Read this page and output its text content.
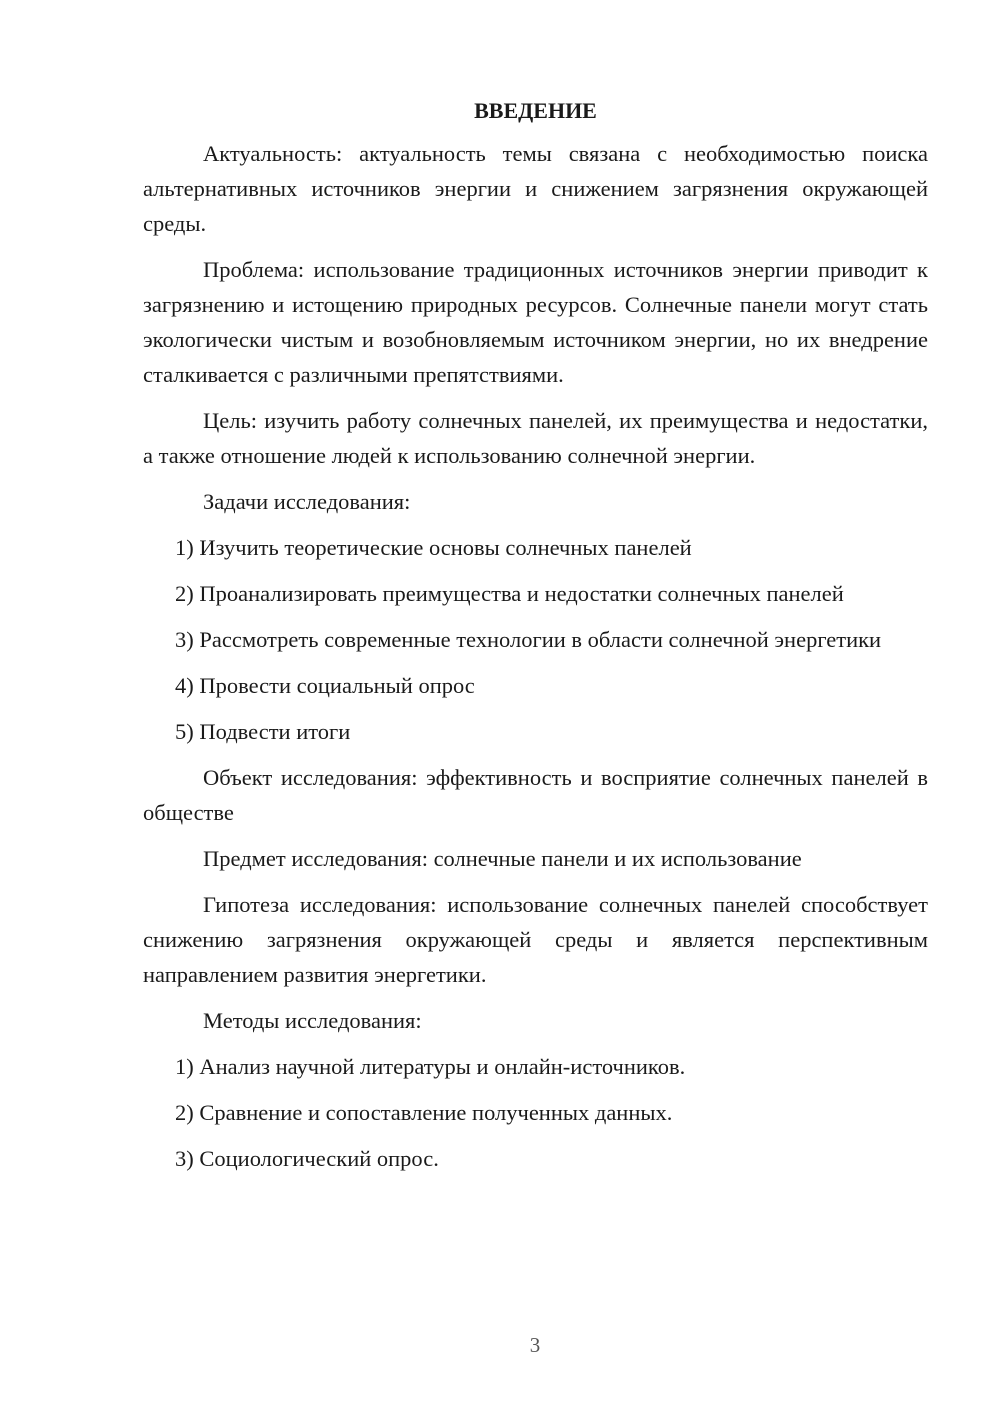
ВВЕДЕНИЕ

Актуальность: актуальность темы связана с необходимостью поиска альтернативных источников энергии и снижением загрязнения окружающей среды.

Проблема: использование традиционных источников энергии приводит к загрязнению и истощению природных ресурсов. Солнечные панели могут стать экологически чистым и возобновляемым источником энергии, но их внедрение сталкивается с различными препятствиями.

Цель: изучить работу солнечных панелей, их преимущества и недостатки, а также отношение людей к использованию солнечной энергии.

Задачи исследования:

1) Изучить теоретические основы солнечных панелей

2) Проанализировать преимущества и недостатки солнечных панелей

3) Рассмотреть современные технологии в области солнечной энергетики

4) Провести социальный опрос

5) Подвести итоги

Объект исследования: эффективность и восприятие солнечных панелей в обществе

Предмет исследования: солнечные панели и их использование

Гипотеза исследования: использование солнечных панелей способствует снижению загрязнения окружающей среды и является перспективным направлением развития энергетики.

Методы исследования:

1) Анализ научной литературы и онлайн-источников.

2) Сравнение и сопоставление полученных данных.

3) Социологический опрос.

3
